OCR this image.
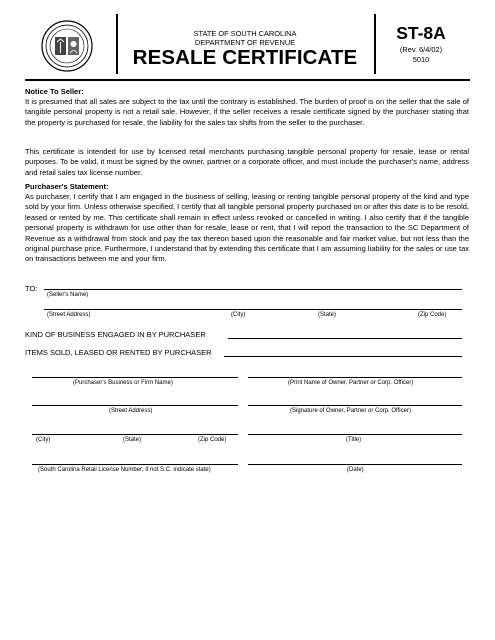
STATE OF SOUTH CAROLINA
DEPARTMENT OF REVENUE
RESALE CERTIFICATE
ST-8A
(Rev. 6/4/02)
5010
Notice To Seller:
It is presumed that all sales are subject to the tax until the contrary is established. The burden of proof is on the seller that the sale of tangible personal property is not a retail sale. However, if the seller receives a resale certificate signed by the purchaser stating that the property is purchased for resale, the liability for the sales tax shifts from the seller to the purchaser.
This certificate is intended for use by licensed retail merchants purchasing tangible personal property for resale, lease or rental purposes. To be valid, it must be signed by the owner, partner or a corporate officer, and must include the purchaser's name, address and retail sales tax license number.
Purchaser's Statement:
As purchaser, I certify that I am engaged in the business of selling, leasing or renting tangible personal property of the kind and type sold by your firm. Unless otherwise specified, I certify that all tangible personal property purchased on or after this date is to be resold, leased or rented by me. This certificate shall remain in effect unless revoked or cancelled in writing. I also certify that if the tangible personal property is withdrawn for use other than for resale, lease or rent, that I will report the transaction to the SC Department of Revenue as a withdrawal from stock and pay the tax thereon based upon the reasonable and fair market value, but not less than the original purchase price. Furthermore, I understand that by extending this certificate that I am assuming liability for the sales or use tax on transactions between me and your firm.
TO:
(Seller's Name)
(Street Address)	(City)	(State)	(Zip Code)
KIND OF BUSINESS ENGAGED IN BY PURCHASER
ITEMS SOLD, LEASED OR RENTED BY PURCHASER
(Purchaser's Business or Firm Name)	(Print Name of Owner, Partner or Corp. Officer)
(Street Address)	(Signature of Owner, Partner or Corp. Officer)
(City)	(State)	(Zip Code)	(Title)
(South Carolina Retail License Number; if not S.C. indicate state)	(Date)
